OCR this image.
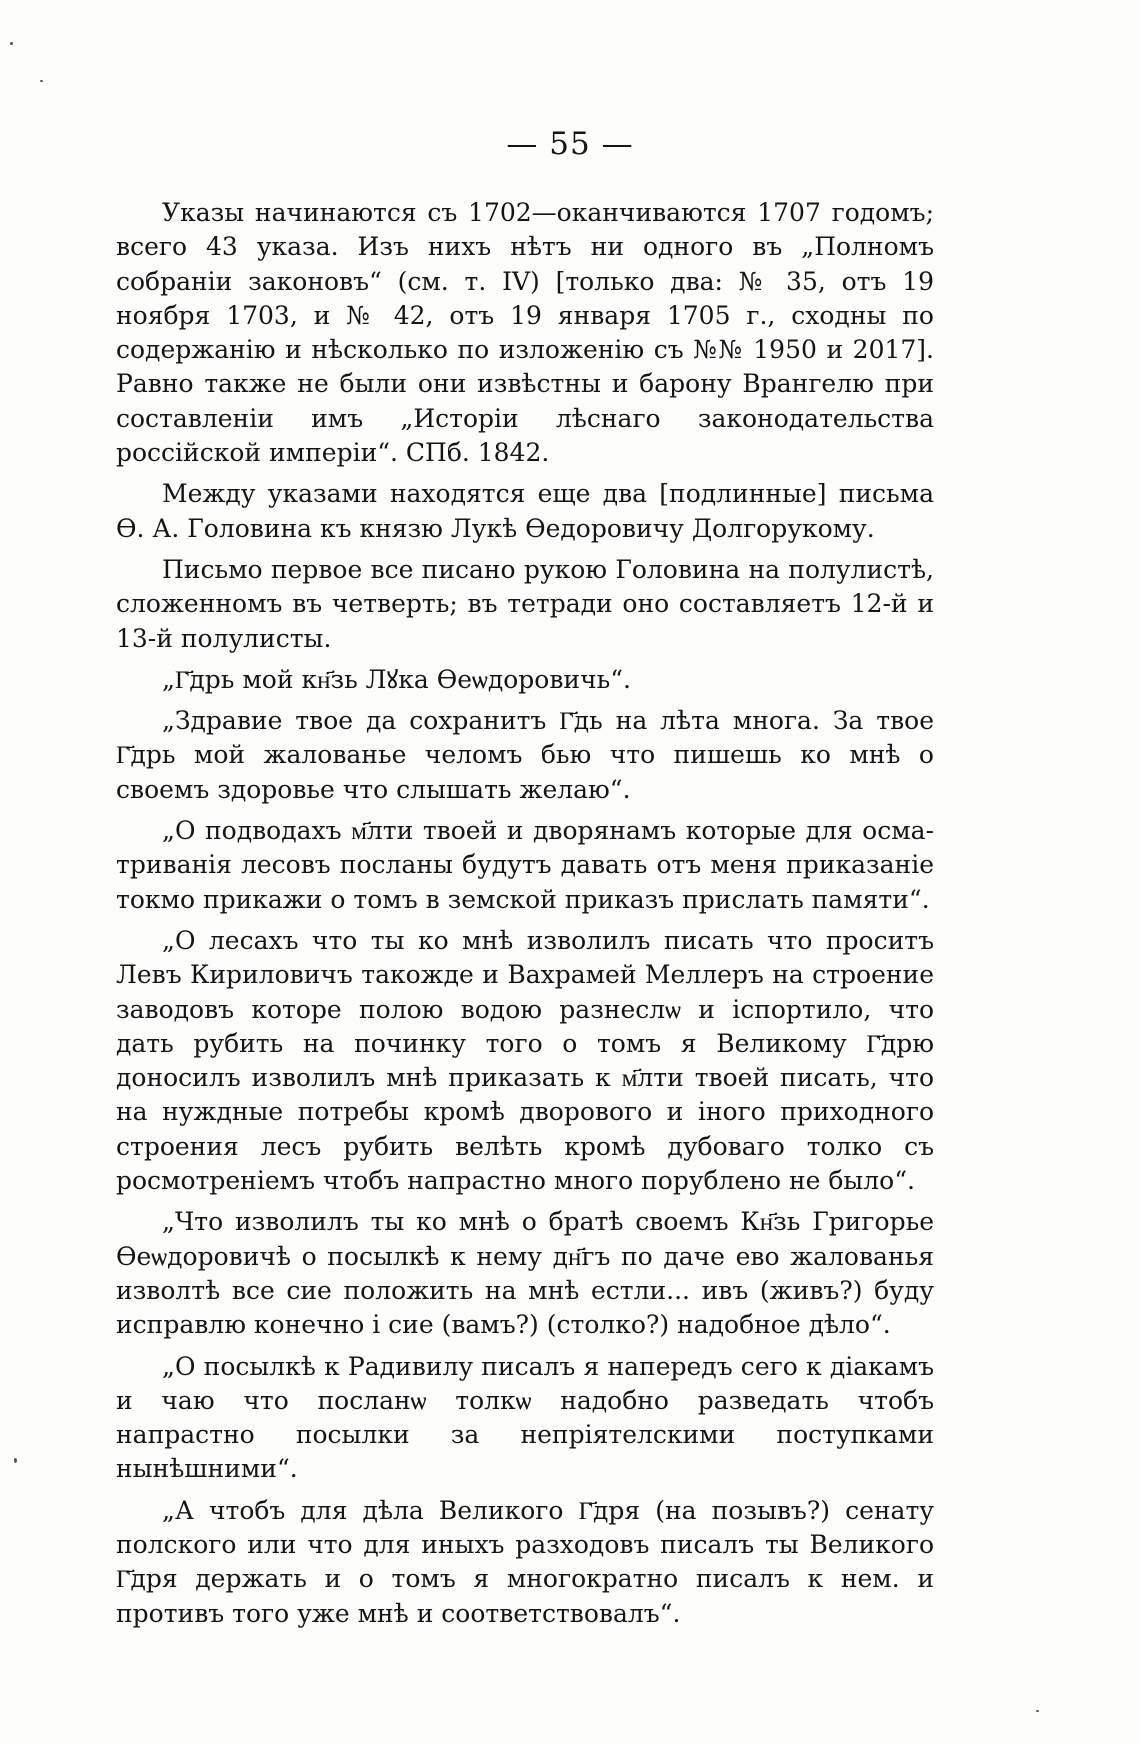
— 55 —

Указы начинаются съ 1702—оканчиваются 1707 годомъ; всего 43 указа. Изъ нихъ нѣтъ ни одного въ „Полномъ собраніи законовъ“ (см. т. IV) [только два: № 35, отъ 19 ноября 1703, и № 42, отъ 19 января 1705 г., сходны по содержанію и нѣсколько по изложенію съ №№ 1950 и 2017]. Равно также не были они извѣстны и барону Врангелю при составленіи имъ „Исторіи лѣснаго законодательства россійской имперіи“. СПб. 1842.

Между указами находятся еще два [подлинные] письма Ѳ. А. Головина къ князю Лукѣ Ѳедоровичу Долгорукому.

Письмо первое все писано рукою Головина на полулистѣ, сложенномъ въ четверть; въ тетради оно составляетъ 12-й и 13-й полулисты.

„Г҃дрь мой кн҃зь Лꙋка Ѳеѡдоровичь“.

„Здравие твое да сохранитъ Г҃дь на лѣта многа. За твое Г҃дрь мой жалованье челомъ бью что пишешь ко мнѣ о своемъ здоровье что слышать желаю“.

„О подводахъ м҃лти твоей и дворянамъ которые для осматриванія лесовъ посланы будутъ давать отъ меня приказаніе токмо прикажи о томъ в земской приказъ прислать памяти“.

„О лесахъ что ты ко мнѣ изволилъ писать что проситъ Левъ Кириловичъ такожде и Вахрамей Меллеръ на строение заводовъ которе полою водою разнеслѡ и іспортило, что дать рубить на починку того о томъ я Великому Г҃дрю доносилъ изволилъ мнѣ приказать к м҃лти твоей писать, что на нуждные потребы кромѣ дворового и іного приходного строения лесъ рубить велѣть кромѣ дубоваго толко съ росмотреніемъ чтобъ напрастно много порублено не было“.

„Что изволилъ ты ко мнѣ о братѣ своемъ Кн҃зь Григорье Ѳеѡдоровичѣ о посылкѣ к нему дн҃гъ по даче ево жалованья изволтѣ все сие положить на мнѣ естли... ивъ (живъ?) буду исправлю конечно і сие (вамъ?) (столко?) надобное дѣло“.

„О посылкѣ к Радивилу писалъ я напередъ сего к діакамъ и чаю что посланѡ толкѡ надобно разведать чтобъ напрастно посылки за непріятелскими поступками нынѣшними“.

„А чтобъ для дѣла Великого Г҃дря (на позывъ?) сенату полского или что для иныхъ разходовъ писалъ ты Великого Г҃дря держать и о томъ я многократно писалъ к нем. и противъ того уже мнѣ и соответствовалъ“.
